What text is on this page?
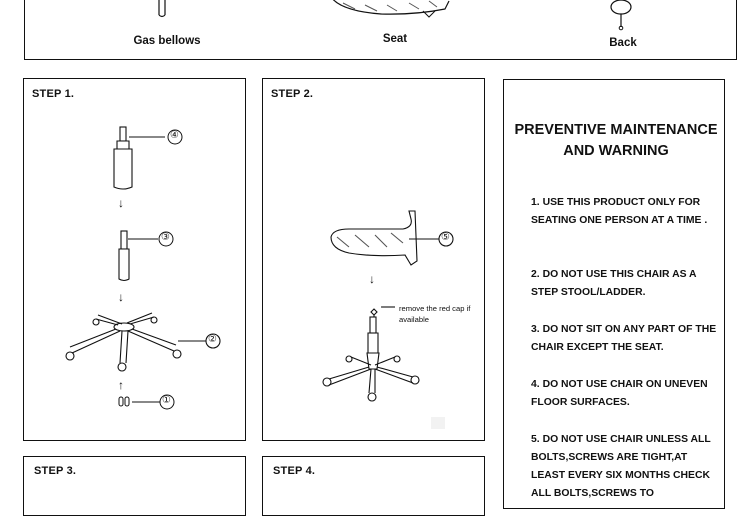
Gas bellows	Seat	Back
STEP 1.
↓
↓
↑
④
③
②
①
STEP 2.
↓
⑤
remove the red cap if available
PREVENTIVE MAINTENANCE AND WARNING
1. USE THIS PRODUCT ONLY FOR SEATING ONE PERSON AT A TIME .
2. DO NOT USE THIS CHAIR AS A STEP STOOL/LADDER.
3. DO NOT SIT ON ANY PART OF THE CHAIR EXCEPT THE SEAT.
4. DO NOT USE CHAIR ON UNEVEN FLOOR SURFACES.
5. DO NOT USE CHAIR UNLESS ALL BOLTS,SCREWS ARE TIGHT,AT LEAST EVERY SIX MONTHS CHECK ALL BOLTS,SCREWS TO
STEP 3.	STEP 4.
